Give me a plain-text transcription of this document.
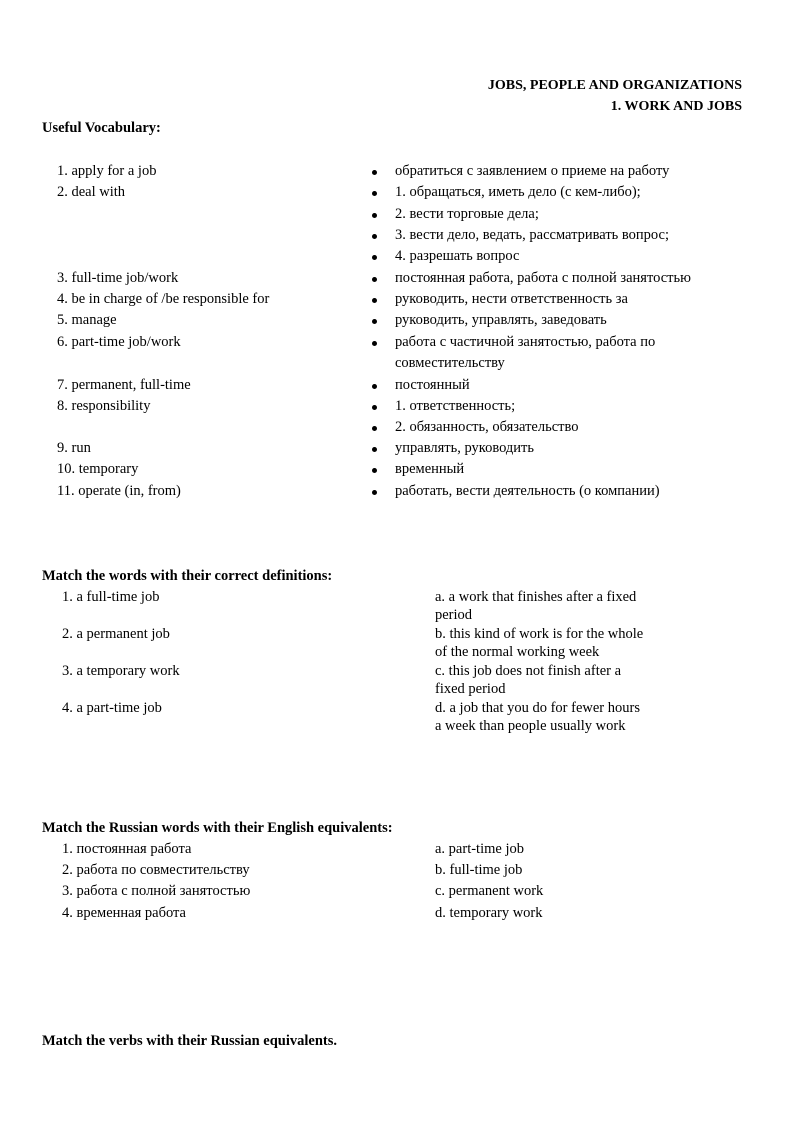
JOBS, PEOPLE AND ORGANIZATIONS
1. WORK AND JOBS
Useful Vocabulary:
1. apply for a job
2. deal with
3. full-time job/work
4. be in charge of /be responsible for
5. manage
6. part-time job/work
7. permanent, full-time
8. responsibility
9. run
10. temporary
11. operate (in, from)
обратиться с заявлением о приеме на работу
1. обращаться, иметь дело (с кем-либо);
2. вести торговые дела;
3. вести дело, ведать, рассматривать вопрос;
4. разрешать вопрос
постоянная работа, работа с полной занятостью
руководить, нести ответственность за
руководить, управлять, заведовать
работа с частичной занятостью, работа по
совместительству
постоянный
1. ответственность;
2. обязанность, обязательство
управлять, руководить
временный
работать, вести деятельность (о компании)
Match the words with their correct definitions:
1. a full-time job
2. a permanent job
3. a temporary work
4. a part-time job
a. a work that finishes after a fixed
period
b. this kind of work is for the whole
of the normal working week
c. this job does not finish after a
fixed period
d. a job that you do for fewer hours
a week than people usually work
Match the Russian words with their English equivalents:
1. постоянная работа
2. работа по совместительству
3. работа с полной занятостью
4. временная работа
a. part-time job
b. full-time job
c. permanent work
d. temporary work
Match the verbs with their Russian equivalents.
